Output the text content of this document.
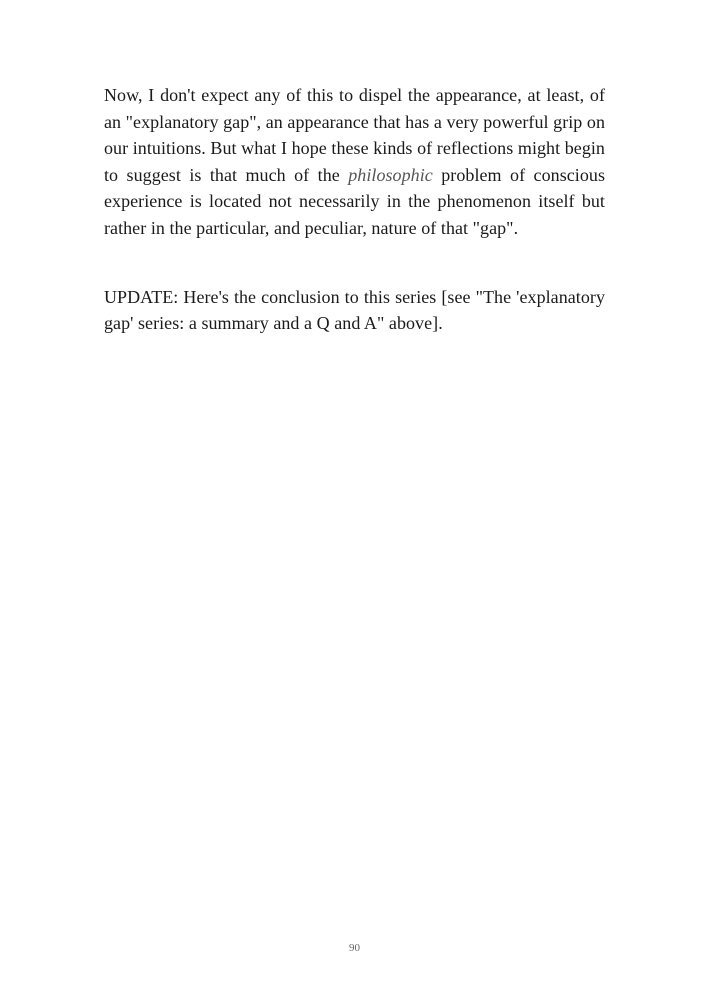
Now, I don't expect any of this to dispel the appearance, at least, of an "explanatory gap", an appearance that has a very powerful grip on our intuitions. But what I hope these kinds of reflections might begin to suggest is that much of the philosophic problem of conscious experience is located not necessarily in the phenomenon itself but rather in the particular, and peculiar, nature of that "gap".

UPDATE: Here's the conclusion to this series [see "The 'explanatory gap' series: a summary and a Q and A" above].

90
